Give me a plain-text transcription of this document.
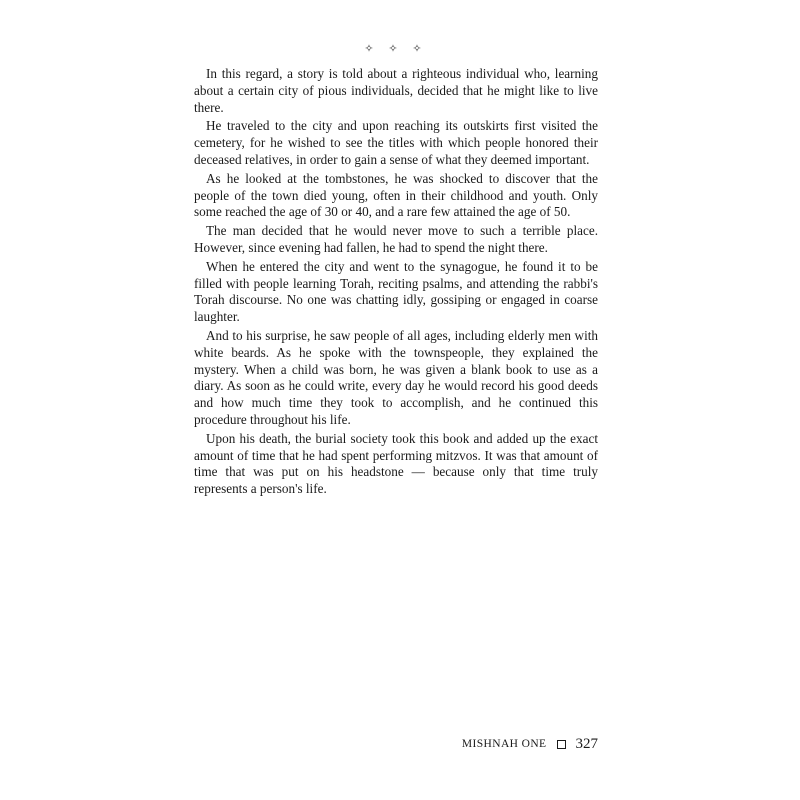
✧ ✧ ✧

In this regard, a story is told about a righteous individual who, learning about a certain city of pious individuals, decided that he might like to live there.

He traveled to the city and upon reaching its outskirts first visited the cemetery, for he wished to see the titles with which people honored their deceased relatives, in order to gain a sense of what they deemed important.

As he looked at the tombstones, he was shocked to discover that the people of the town died young, often in their childhood and youth. Only some reached the age of 30 or 40, and a rare few attained the age of 50.

The man decided that he would never move to such a terrible place. However, since evening had fallen, he had to spend the night there.

When he entered the city and went to the synagogue, he found it to be filled with people learning Torah, reciting psalms, and attending the rabbi's Torah discourse. No one was chatting idly, gossiping or engaged in coarse laughter.

And to his surprise, he saw people of all ages, including elderly men with white beards. As he spoke with the townspeople, they explained the mystery. When a child was born, he was given a blank book to use as a diary. As soon as he could write, every day he would record his good deeds and how much time they took to accomplish, and he continued this procedure throughout his life.

Upon his death, the burial society took this book and added up the exact amount of time that he had spent performing mitzvos. It was that amount of time that was put on his headstone — because only that time truly represents a person's life.

MISHNAH ONE 327
